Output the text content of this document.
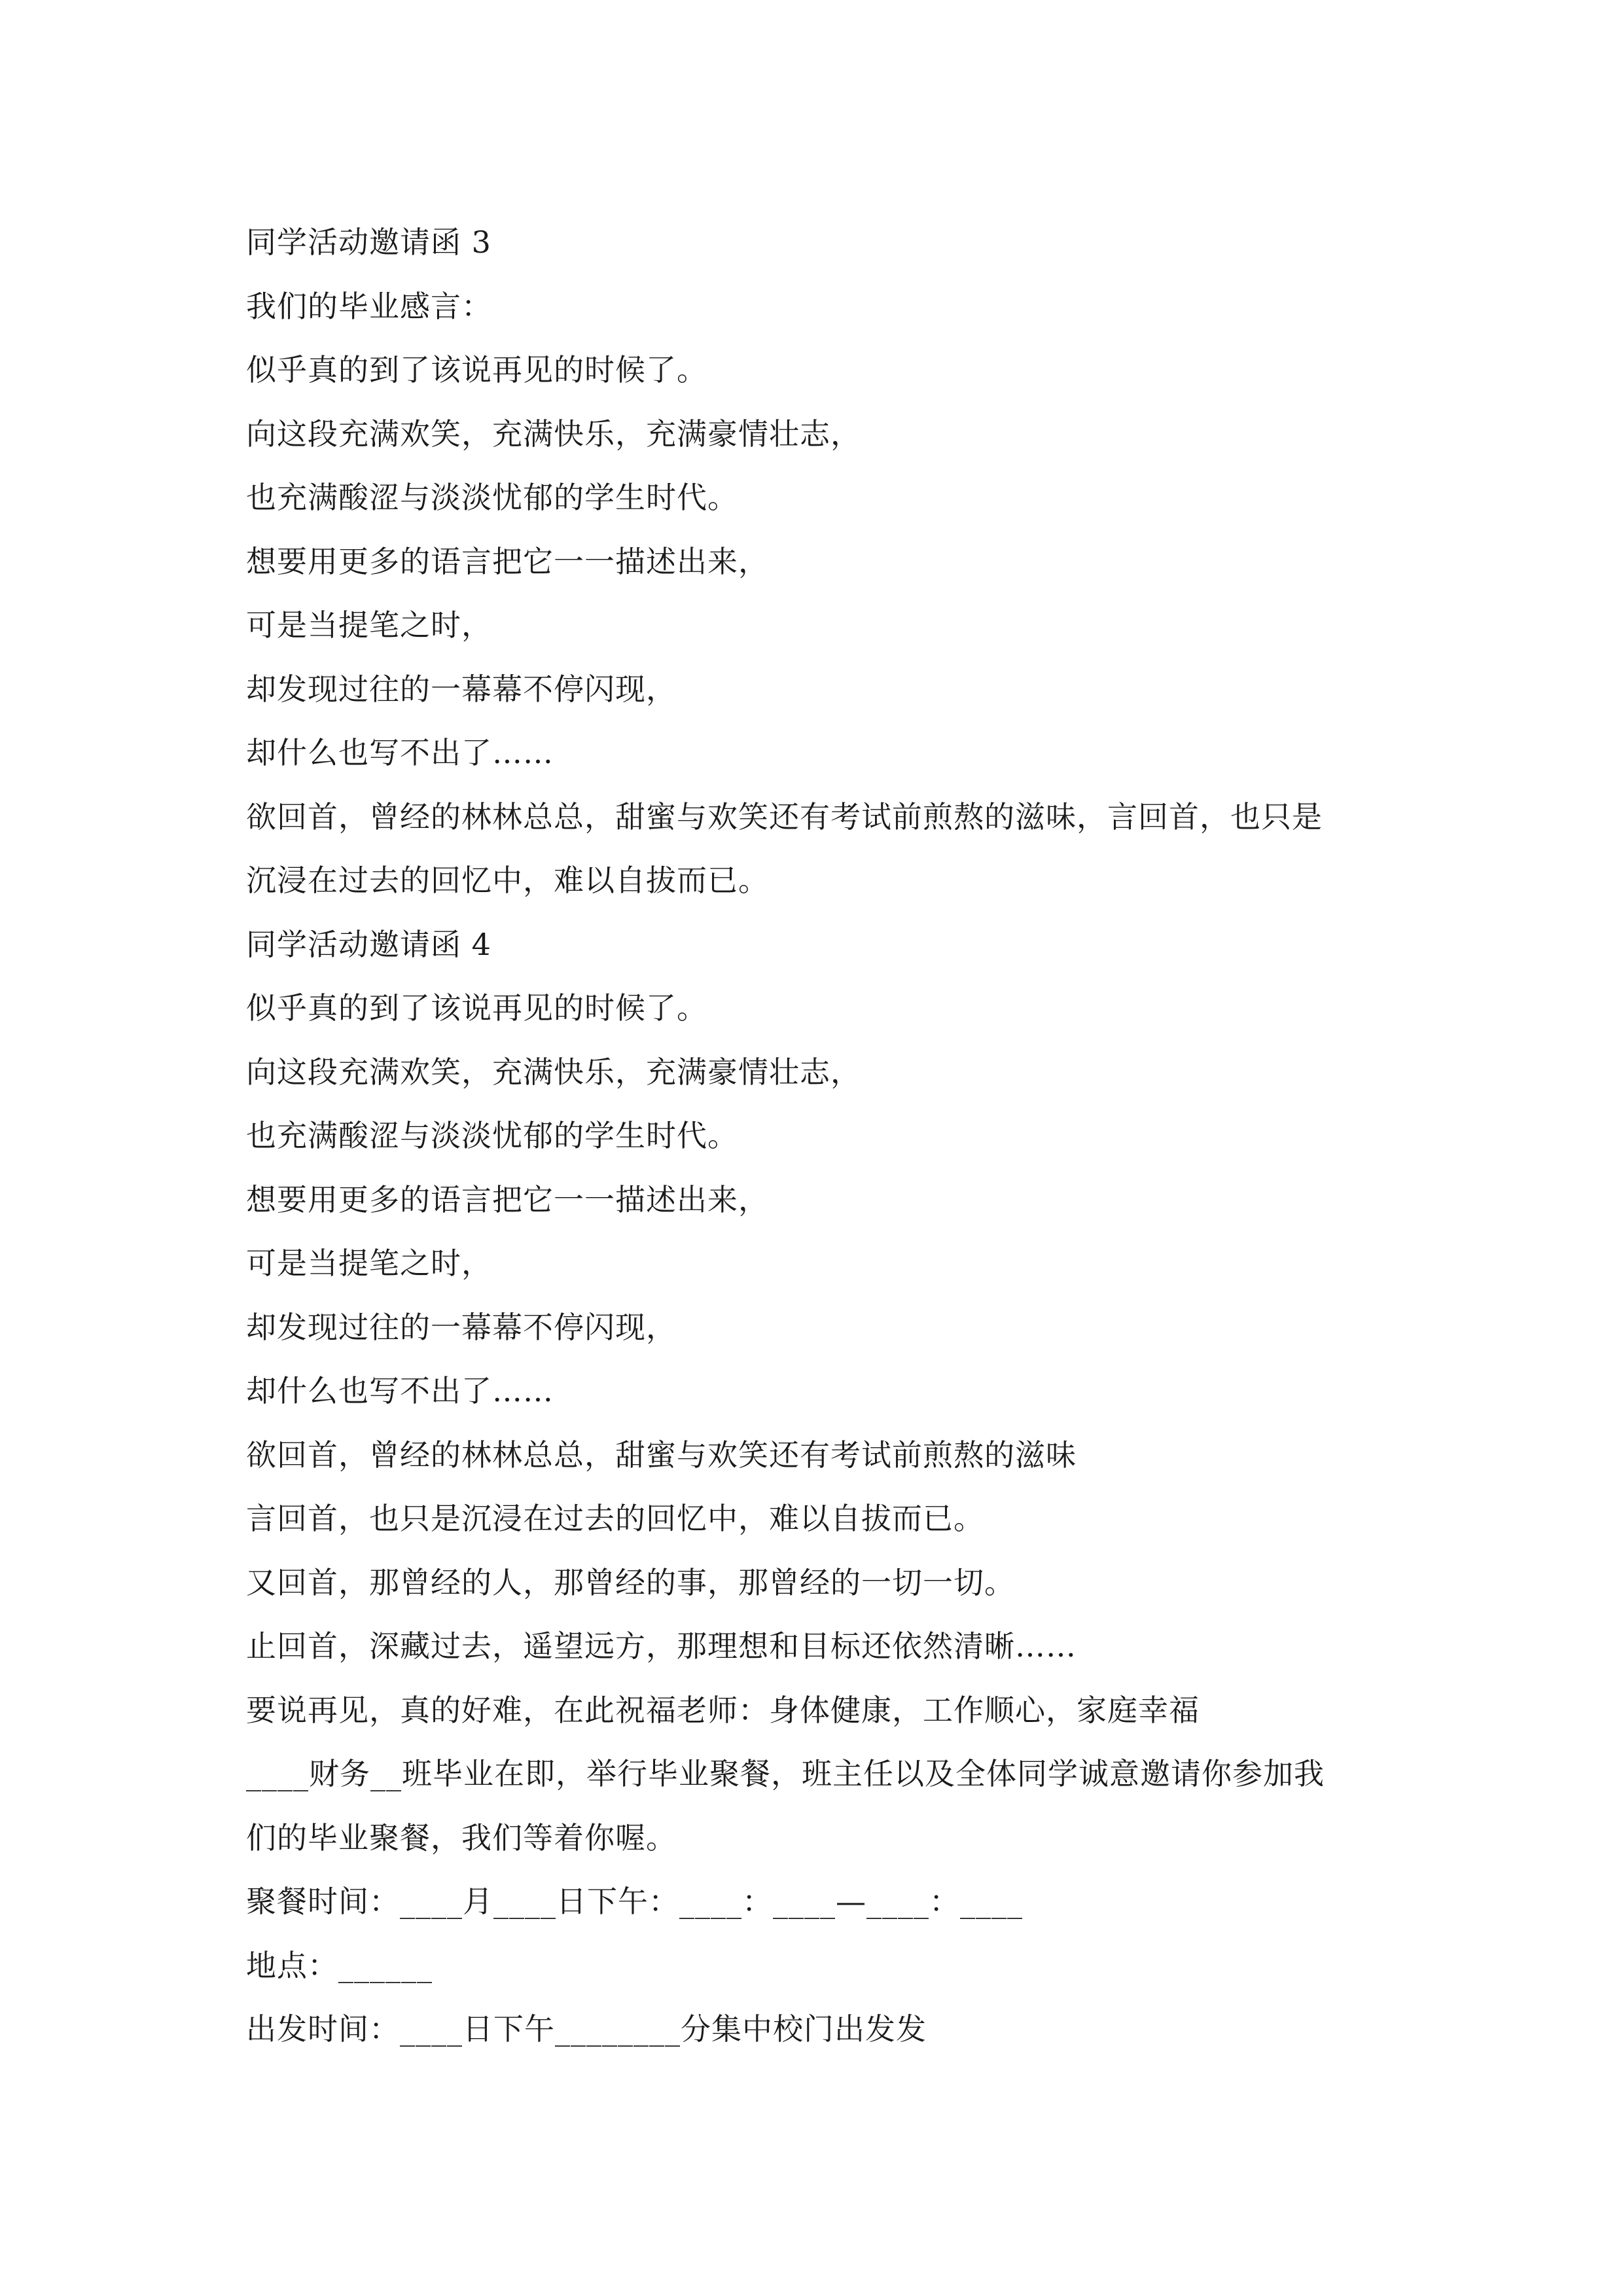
同学活动邀请函 3

我们的毕业感言：

似乎真的到了该说再见的时候了。

向这段充满欢笑，充满快乐，充满豪情壮志，

也充满酸涩与淡淡忧郁的学生时代。

想要用更多的语言把它一一描述出来，

可是当提笔之时，

却发现过往的一幕幕不停闪现，

却什么也写不出了……

欲回首，曾经的林林总总，甜蜜与欢笑还有考试前煎熬的滋味，言回首，也只是

沉浸在过去的回忆中，难以自拔而已。

同学活动邀请函 4

似乎真的到了该说再见的时候了。

向这段充满欢笑，充满快乐，充满豪情壮志，

也充满酸涩与淡淡忧郁的学生时代。

想要用更多的语言把它一一描述出来，

可是当提笔之时，

却发现过往的一幕幕不停闪现，

却什么也写不出了……

欲回首，曾经的林林总总，甜蜜与欢笑还有考试前煎熬的滋味

言回首，也只是沉浸在过去的回忆中，难以自拔而已。

又回首，那曾经的人，那曾经的事，那曾经的一切一切。

止回首，深藏过去，遥望远方，那理想和目标还依然清晰……

要说再见，真的好难，在此祝福老师：身体健康，工作顺心，家庭幸福

____财务__班毕业在即，举行毕业聚餐，班主任以及全体同学诚意邀请你参加我

们的毕业聚餐，我们等着你喔。

聚餐时间：____月____日下午：____：____—____：____

地点：______

出发时间：____日下午________分集中校门出发发
